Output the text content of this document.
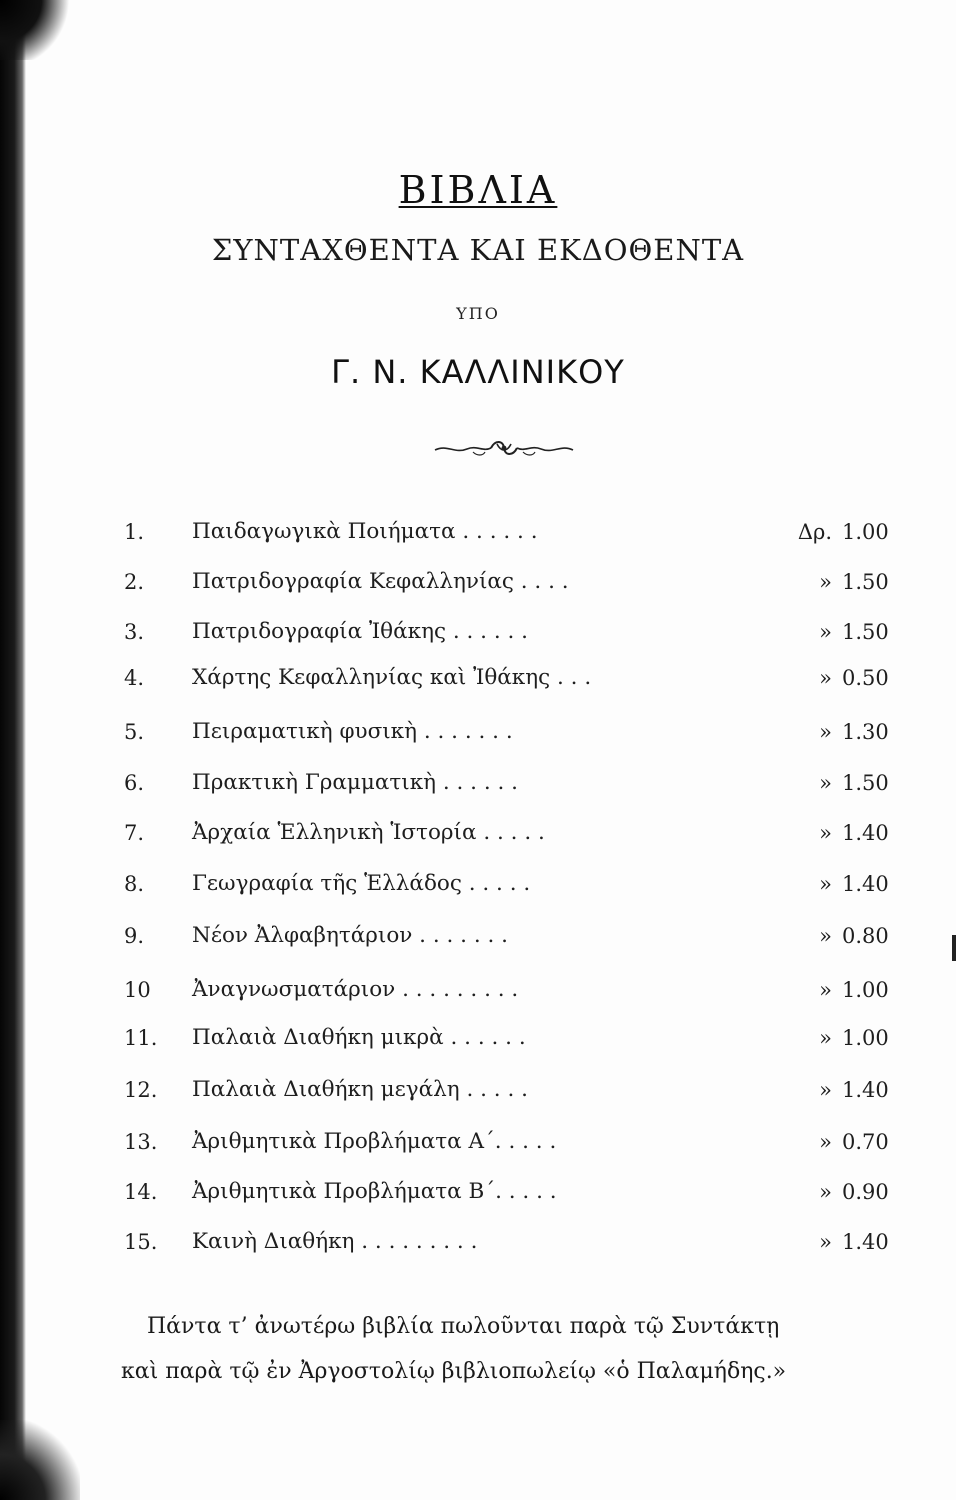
ΒΙΒΛΙΑ
ΣΥΝΤΑΧΘΕΝΤΑ ΚΑΙ ΕΚΔΟΘΕΝΤΑ
ΥΠΟ
Γ. Ν. ΚΑΛΛΙΝΙΚΟΥ
1.	Παιδαγωγικὰ Ποιήματα . . . . . .	Δρ. 1.00
2.	Πατριδογραφία Κεφαλληνίας . . . .	» 1.50
3.	Πατριδογραφία Ἰθάκης . . . . . .	» 1.50
4.	Χάρτης Κεφαλληνίας καὶ Ἰθάκης . . .	» 0.50
5.	Πειραματικὴ φυσικὴ . . . . . . .	» 1.30
6.	Πρακτικὴ Γραμματικὴ . . . . . .	» 1.50
7.	Ἀρχαία Ἑλληνικὴ Ἱστορία . . . . .	» 1.40
8.	Γεωγραφία τῆς Ἑλλάδος . . . . .	» 1.40
9.	Νέον Ἀλφαβητάριον . . . . . . .	» 0.80
10	Ἀναγνωσματάριον . . . . . . . . .	» 1.00
11.	Παλαιὰ Διαθήκη μικρὰ . . . . . .	» 1.00
12.	Παλαιὰ Διαθήκη μεγάλη . . . . .	» 1.40
13.	Ἀριθμητικὰ Προβλήματα Α΄. . . . .	» 0.70
14.	Ἀριθμητικὰ Προβλήματα Β΄. . . . .	» 0.90
15.	Καινὴ Διαθήκη . . . . . . . . .	» 1.40
Πάντα τ’ ἀνωτέρω βιβλία πωλοῦνται παρὰ τῷ Συντάκτῃ
καὶ παρὰ τῷ ἐν Ἀργοστολίῳ βιβλιοπωλείῳ «ὁ Παλαμήδης.»
